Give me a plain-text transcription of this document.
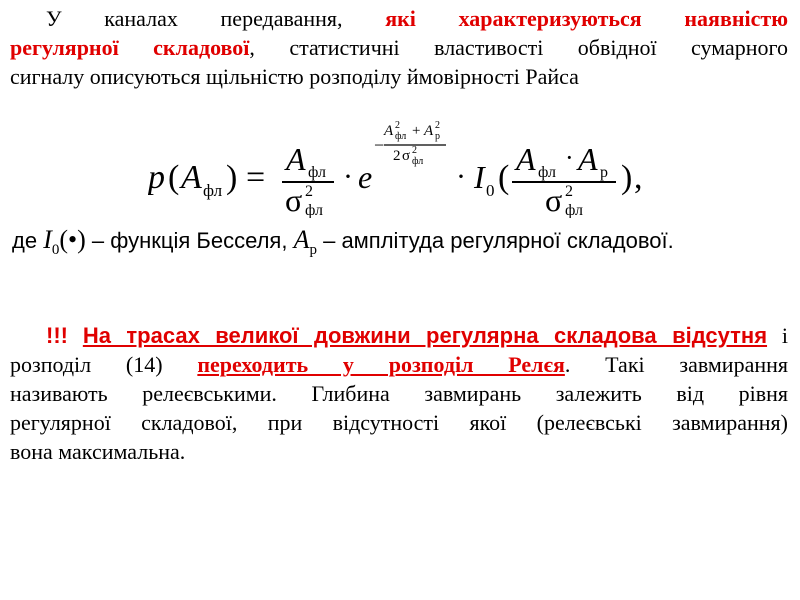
У каналах передавання, які характеризуються наявністю
регулярної складової, статистичні властивості обвідної сумарного
сигналу описуються щільністю розподілу ймовірності Райса
p ( A фл ) = A фл
σ 2
фл
· e
−
A 2
фл + A 2
р
2 σ 2
фл · I 0 ( A фл
· A р
σ 2
фл
) ,
де $I_0(•)$ – функція Бесселя, $A_р$ – амплітуда регулярної складової.
!!! На трасах великої довжини регулярна складова відсутня і
розподіл (14) переходить у розподіл Релєя. Такі завмирання
називають релеєвськими. Глибина завмирань залежить від рівня
регулярної складової, при відсутності якої (релеєвські завмирання)
вона максимальна.
